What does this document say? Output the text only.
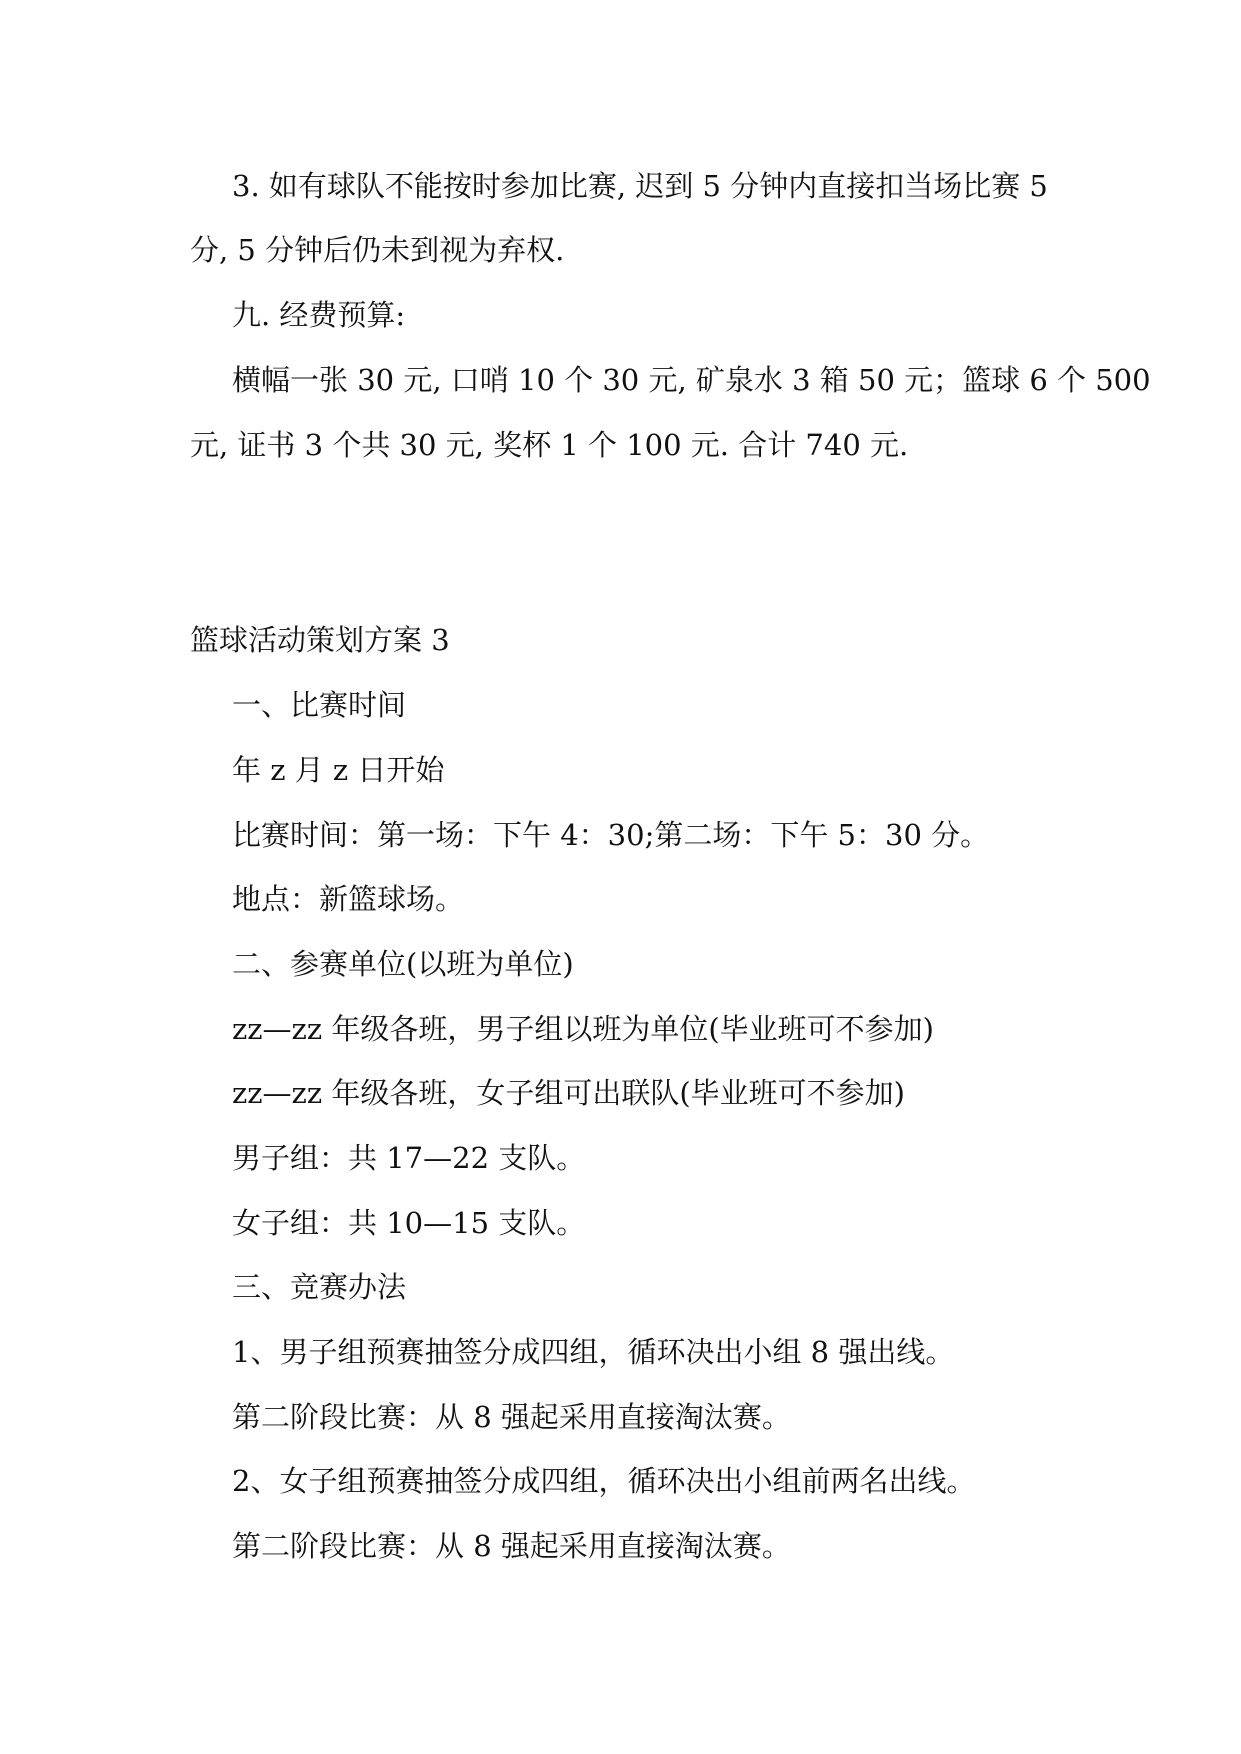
3. 如有球队不能按时参加比赛, 迟到 5 分钟内直接扣当场比赛 5
分, 5 分钟后仍未到视为弃权.
九. 经费预算:
横幅一张 30 元, 口哨 10 个 30 元, 矿泉水 3 箱 50 元；篮球 6 个 500
元, 证书 3 个共 30 元, 奖杯 1 个 100 元. 合计 740 元.
篮球活动策划方案 3
一、比赛时间
年 z 月 z 日开始
比赛时间：第一场：下午 4：30;第二场：下午 5：30 分。
地点：新篮球场。
二、参赛单位(以班为单位)
zz—zz 年级各班，男子组以班为单位(毕业班可不参加)
zz—zz 年级各班，女子组可出联队(毕业班可不参加)
男子组：共 17—22 支队。
女子组：共 10—15 支队。
三、竞赛办法
1、男子组预赛抽签分成四组，循环决出小组 8 强出线。
第二阶段比赛：从 8 强起采用直接淘汰赛。
2、女子组预赛抽签分成四组，循环决出小组前两名出线。
第二阶段比赛：从 8 强起采用直接淘汰赛。
